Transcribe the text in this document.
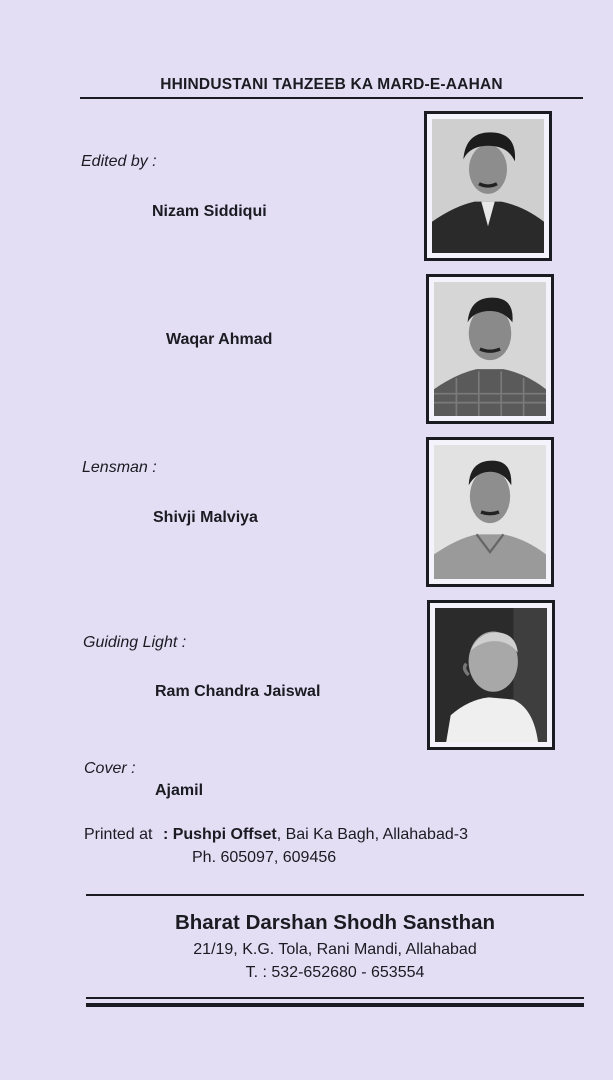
HHINDUSTANI TAHZEEB KA MARD-E-AAHAN
Edited by :
Nizam Siddiqui
Waqar Ahmad
Lensman :
Shivji Malviya
Guiding Light :
Ram Chandra Jaiswal
Cover :
Ajamil
Printed at : Pushpi Offset, Bai Ka Bagh, Allahabad-3
Ph. 605097, 609456
Bharat Darshan Shodh Sansthan
21/19, K.G. Tola, Rani Mandi, Allahabad
T. : 532-652680 - 653554
